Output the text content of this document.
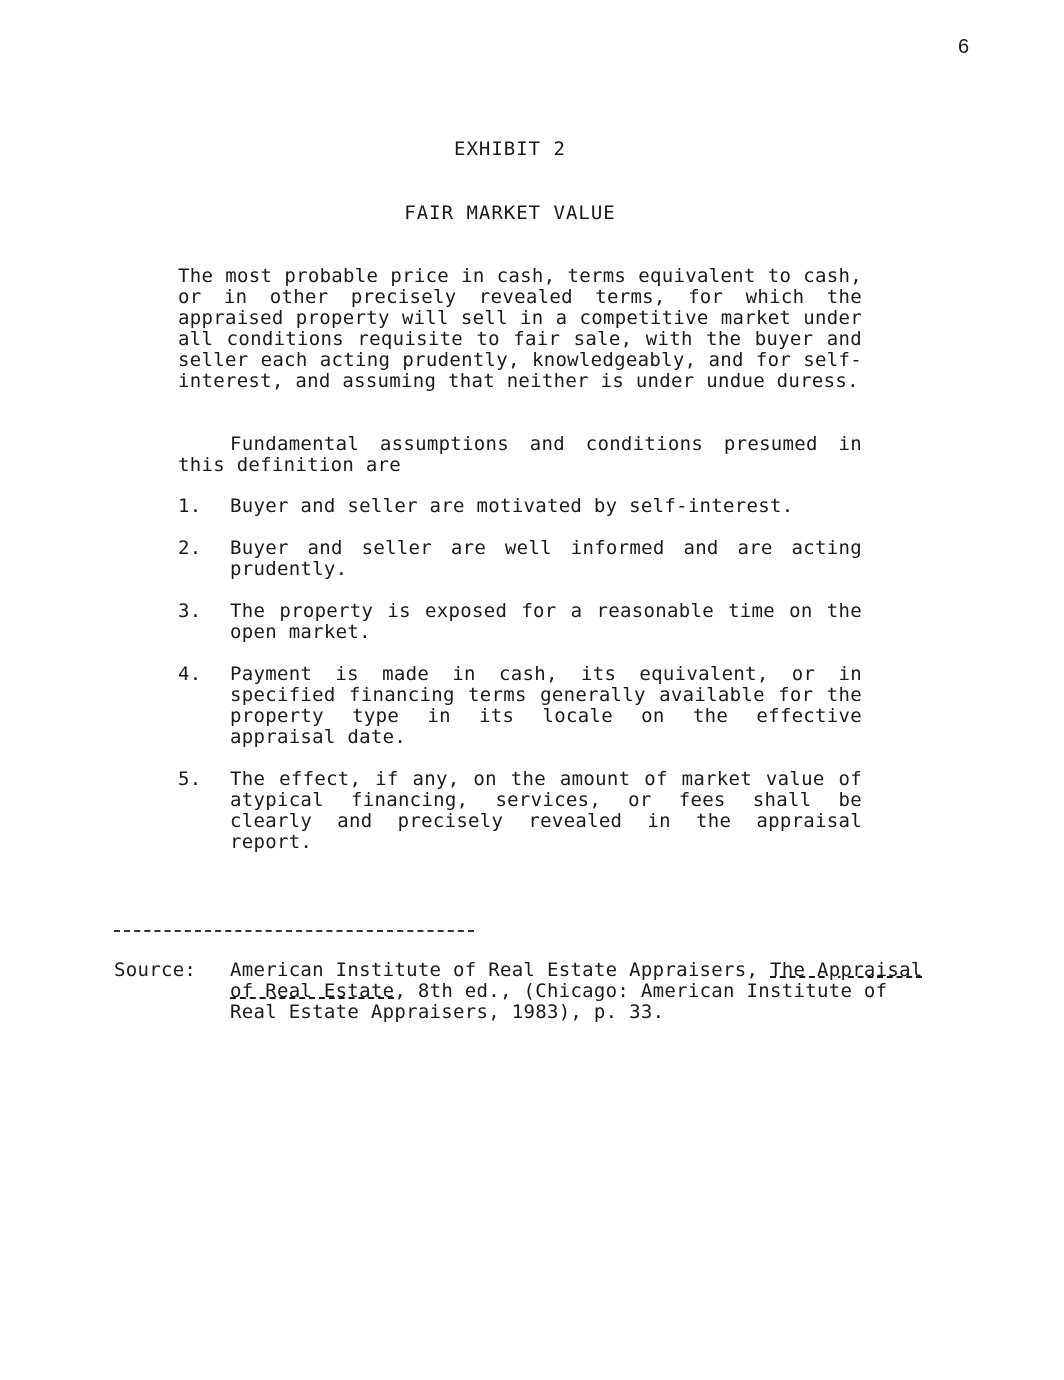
6
EXHIBIT 2
FAIR MARKET VALUE

The most probable price in cash, terms equivalent to cash, or in other precisely revealed terms, for which the appraised property will sell in a competitive market under all conditions requisite to fair sale, with the buyer and seller each acting prudently, knowledgeably, and for self-interest, and assuming that neither is under undue duress.

Fundamental assumptions and conditions presumed in this definition are

1. Buyer and seller are motivated by self-interest.
2. Buyer and seller are well informed and are acting prudently.
3. The property is exposed for a reasonable time on the open market.
4. Payment is made in cash, its equivalent, or in specified financing terms generally available for the property type in its locale on the effective appraisal date.
5. The effect, if any, on the amount of market value of atypical financing, services, or fees shall be clearly and precisely revealed in the appraisal report.
Source: American Institute of Real Estate Appraisers, The Appraisal of Real Estate, 8th ed., (Chicago: American Institute of Real Estate Appraisers, 1983), p. 33.
